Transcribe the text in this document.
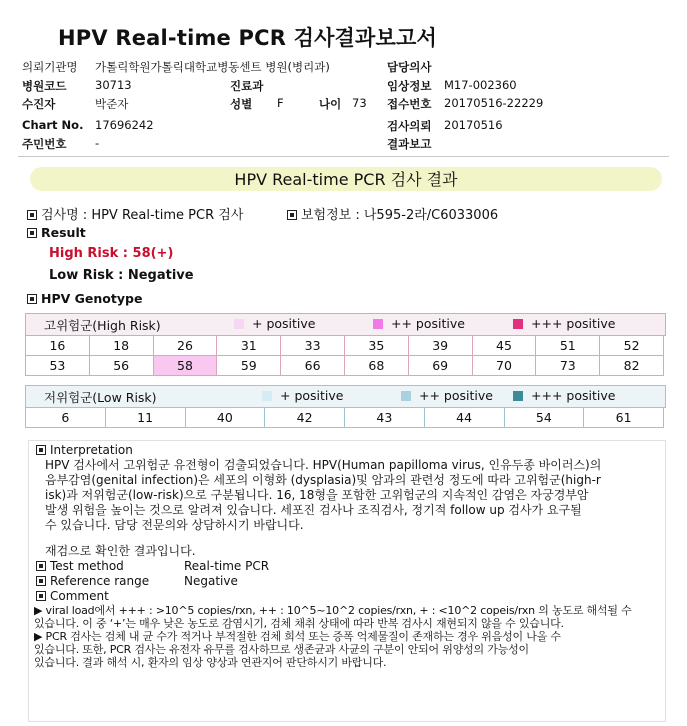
HPV Real-time PCR 검사결과보고서
의뢰기관명 가톨릭학원가톨릭대학교병동센트 병원(병리과)	담당의사
병원코드 30713	진료과	임상정보 M17-002360
수진자	박준자	성별 F	나이 73 접수번호 20170516-22229
Chart No. 17696242	검사의뢰 20170516
주민번호 -	결과보고
HPV Real-time PCR 검사 결과
검사명 : HPV Real-time PCR 검사	보험정보 : 나595-2라/C6033006
Result
High Risk : 58(+)
Low Risk : Negative
HPV Genotype
고위험군(High Risk)	+ positive	++ positive	+++ positive
16	18	26	31	33	35	39	45	51	52
53	56	58	59	66	68	69	70	73	82
저위험군(Low Risk)	+ positive	++ positive	+++ positive
6	11	40	42	43	44	54	61
Interpretation
HPV 검사에서 고위험군 유전형이 검출되었습니다. HPV(Human papilloma virus, 인유두종 바이러스)의
음부감염(genital infection)은 세포의 이형화 (dysplasia)및 암과의 관련성 정도에 따라 고위험군(high-r
isk)과 저위험군(low-risk)으로 구분됩니다. 16, 18형을 포함한 고위험군의 지속적인 감염은 자궁경부암
발생 위험을 높이는 것으로 알려져 있습니다. 세포진 검사나 조직검사, 정기적 follow up 검사가 요구될
수 있습니다. 담당 전문의와 상담하시기 바랍니다.
재검으로 확인한 결과입니다.
Test method	Real-time PCR
Reference range	Negative
Comment
▶ viral load에서 +++ : >10^5 copies/rxn, ++ : 10^5~10^2 copies/rxn, + : <10^2 copeis/rxn 의 농도로 해석될 수
있습니다. 이 중 ‘+’는 매우 낮은 농도로 감염시기, 검체 채취 상태에 따라 반복 검사시 재현되지 않을 수 있습니다.
▶ PCR 검사는 검체 내 균 수가 적거나 부적절한 검체 희석 또는 증폭 억제물질이 존재하는 경우 위음성이 나올 수
있습니다. 또한, PCR 검사는 유전자 유무를 검사하므로 생존균과 사균의 구분이 안되어 위양성의 가능성이
있습니다. 결과 해석 시, 환자의 임상 양상과 연관지어 판단하시기 바랍니다.
